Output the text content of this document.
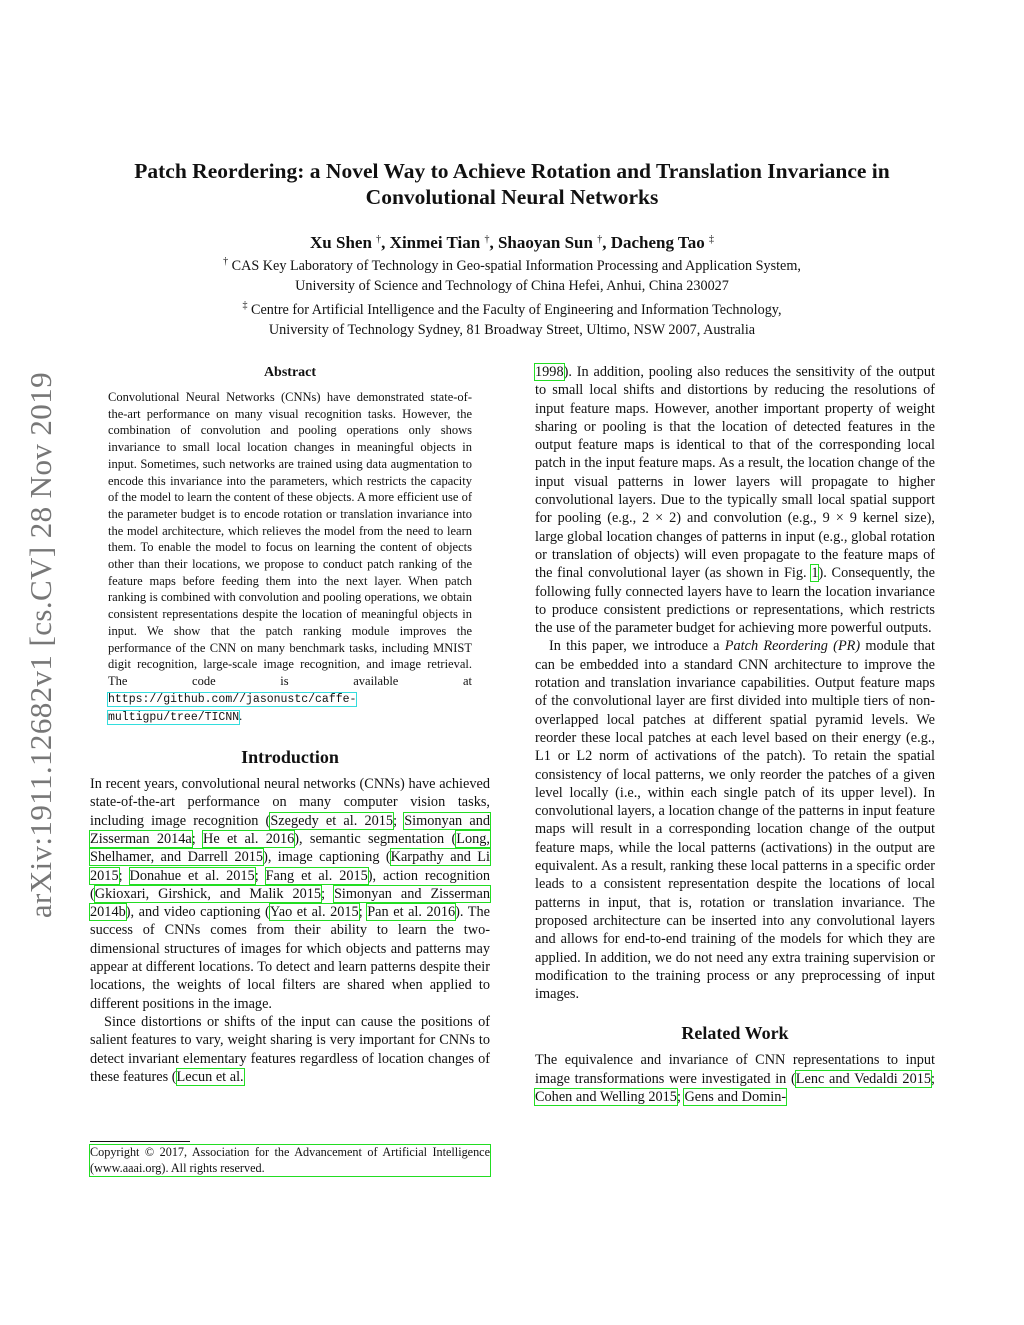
arXiv:1911.12682v1 [cs.CV] 28 Nov 2019
Patch Reordering: a Novel Way to Achieve Rotation and Translation Invariance in Convolutional Neural Networks
Xu Shen †, Xinmei Tian †, Shaoyan Sun †, Dacheng Tao ‡
† CAS Key Laboratory of Technology in Geo-spatial Information Processing and Application System,
University of Science and Technology of China Hefei, Anhui, China 230027
‡ Centre for Artificial Intelligence and the Faculty of Engineering and Information Technology,
University of Technology Sydney, 81 Broadway Street, Ultimo, NSW 2007, Australia
Abstract
Convolutional Neural Networks (CNNs) have demonstrated state-of-the-art performance on many visual recognition tasks. However, the combination of convolution and pooling operations only shows invariance to small local location changes in meaningful objects in input. Sometimes, such networks are trained using data augmentation to encode this invariance into the parameters, which restricts the capacity of the model to learn the content of these objects. A more efficient use of the parameter budget is to encode rotation or translation invariance into the model architecture, which relieves the model from the need to learn them. To enable the model to focus on learning the content of objects other than their locations, we propose to conduct patch ranking of the feature maps before feeding them into the next layer. When patch ranking is combined with convolution and pooling operations, we obtain consistent representations despite the location of meaningful objects in input. We show that the patch ranking module improves the performance of the CNN on many benchmark tasks, including MNIST digit recognition, large-scale image recognition, and image retrieval. The code is available at https://github.com//jasonustc/caffe-multigpu/tree/TICNN.
Introduction

In recent years, convolutional neural networks (CNNs) have achieved state-of-the-art performance on many computer vision tasks, including image recognition (Szegedy et al. 2015; Simonyan and Zisserman 2014a; He et al. 2016), semantic segmentation (Long, Shelhamer, and Darrell 2015), image captioning (Karpathy and Li 2015; Donahue et al. 2015; Fang et al. 2015), action recognition (Gkioxari, Girshick, and Malik 2015; Simonyan and Zisserman 2014b), and video captioning (Yao et al. 2015; Pan et al. 2016). The success of CNNs comes from their ability to learn the two-dimensional structures of images for which objects and patterns may appear at different locations. To detect and learn patterns despite their locations, the weights of local filters are shared when applied to different positions in the image.

Since distortions or shifts of the input can cause the positions of salient features to vary, weight sharing is very important for CNNs to detect invariant elementary features regardless of location changes of these features (Lecun et al.

Copyright © 2017, Association for the Advancement of Artificial Intelligence (www.aaai.org). All rights reserved.

1998). In addition, pooling also reduces the sensitivity of the output to small local shifts and distortions by reducing the resolutions of input feature maps. However, another important property of weight sharing or pooling is that the location of detected features in the output feature maps is identical to that of the corresponding local patch in the input feature maps. As a result, the location change of the input visual patterns in lower layers will propagate to higher convolutional layers. Due to the typically small local spatial support for pooling (e.g., 2 × 2) and convolution (e.g., 9 × 9 kernel size), large global location changes of patterns in input (e.g., global rotation or translation of objects) will even propagate to the feature maps of the final convolutional layer (as shown in Fig. 1). Consequently, the following fully connected layers have to learn the location invariance to produce consistent predictions or representations, which restricts the use of the parameter budget for achieving more powerful outputs.

In this paper, we introduce a Patch Reordering (PR) module that can be embedded into a standard CNN architecture to improve the rotation and translation invariance capabilities. Output feature maps of the convolutional layer are first divided into multiple tiers of non-overlapped local patches at different spatial pyramid levels. We reorder these local patches at each level based on their energy (e.g., L1 or L2 norm of activations of the patch). To retain the spatial consistency of local patterns, we only reorder the patches of a given level locally (i.e., within each single patch of its upper level). In convolutional layers, a location change of the patterns in input feature maps will result in a corresponding location change of the output feature maps, while the local patterns (activations) in the output are equivalent. As a result, ranking these local patterns in a specific order leads to a consistent representation despite the locations of local patterns in input, that is, rotation or translation invariance. The proposed architecture can be inserted into any convolutional layers and allows for end-to-end training of the models for which they are applied. In addition, we do not need any extra training supervision or modification to the training process or any preprocessing of input images.

Related Work

The equivalence and invariance of CNN representations to input image transformations were investigated in (Lenc and Vedaldi 2015; Cohen and Welling 2015; Gens and Domin-
